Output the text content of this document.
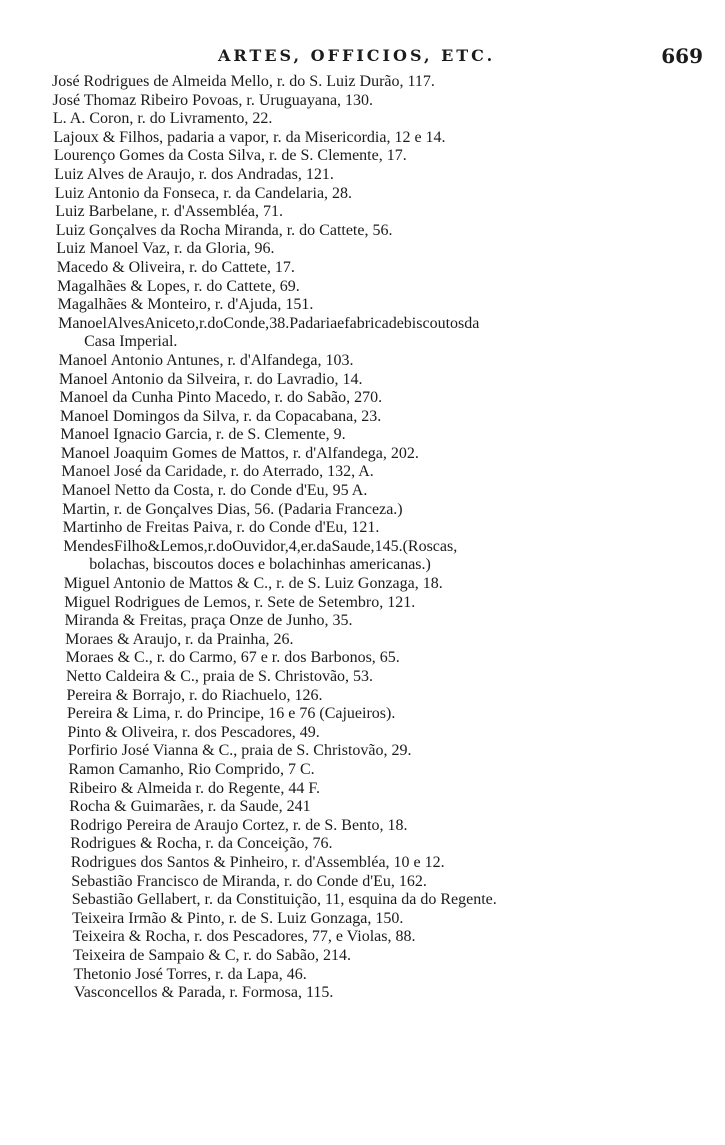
ARTES, OFFICIOS, ETC.	669
José Rodrigues de Almeida Mello, r. do S. Luiz Durão, 117.
José Thomaz Ribeiro Povoas, r. Uruguayana, 130.
L. A. Coron, r. do Livramento, 22.
Lajoux & Filhos, padaria a vapor, r. da Misericordia, 12 e 14.
Lourenço Gomes da Costa Silva, r. de S. Clemente, 17.
Luiz Alves de Araujo, r. dos Andradas, 121.
Luiz Antonio da Fonseca, r. da Candelaria, 28.
Luiz Barbelane, r. d'Assembléa, 71.
Luiz Gonçalves da Rocha Miranda, r. do Cattete, 56.
Luiz Manoel Vaz, r. da Gloria, 96.
Macedo & Oliveira, r. do Cattete, 17.
Magalhães & Lopes, r. do Cattete, 69.
Magalhães & Monteiro, r. d'Ajuda, 151.
ManoelAlvesAniceto,r.doConde,38.Padariaefabricadebiscoutosda
Casa Imperial.
Manoel Antonio Antunes, r. d'Alfandega, 103.
Manoel Antonio da Silveira, r. do Lavradio, 14.
Manoel da Cunha Pinto Macedo, r. do Sabão, 270.
Manoel Domingos da Silva, r. da Copacabana, 23.
Manoel Ignacio Garcia, r. de S. Clemente, 9.
Manoel Joaquim Gomes de Mattos, r. d'Alfandega, 202.
Manoel José da Caridade, r. do Aterrado, 132, A.
Manoel Netto da Costa, r. do Conde d'Eu, 95 A.
Martin, r. de Gonçalves Dias, 56. (Padaria Franceza.)
Martinho de Freitas Paiva, r. do Conde d'Eu, 121.
MendesFilho&Lemos,r.doOuvidor,4,er.daSaude,145.(Roscas,
bolachas, biscoutos doces e bolachinhas americanas.)
Miguel Antonio de Mattos & C., r. de S. Luiz Gonzaga, 18.
Miguel Rodrigues de Lemos, r. Sete de Setembro, 121.
Miranda & Freitas, praça Onze de Junho, 35.
Moraes & Araujo, r. da Prainha, 26.
Moraes & C., r. do Carmo, 67 e r. dos Barbonos, 65.
Netto Caldeira & C., praia de S. Christovão, 53.
Pereira & Borrajo, r. do Riachuelo, 126.
Pereira & Lima, r. do Principe, 16 e 76 (Cajueiros).
Pinto & Oliveira, r. dos Pescadores, 49.
Porfirio José Vianna & C., praia de S. Christovão, 29.
Ramon Camanho, Rio Comprido, 7 C.
Ribeiro & Almeida r. do Regente, 44 F.
Rocha & Guimarães, r. da Saude, 241
Rodrigo Pereira de Araujo Cortez, r. de S. Bento, 18.
Rodrigues & Rocha, r. da Conceição, 76.
Rodrigues dos Santos & Pinheiro, r. d'Assembléa, 10 e 12.
Sebastião Francisco de Miranda, r. do Conde d'Eu, 162.
Sebastião Gellabert, r. da Constituição, 11, esquina da do Regente.
Teixeira Irmão & Pinto, r. de S. Luiz Gonzaga, 150.
Teixeira & Rocha, r. dos Pescadores, 77, e Violas, 88.
Teixeira de Sampaio & C, r. do Sabão, 214.
Thetonio José Torres, r. da Lapa, 46.
Vasconcellos & Parada, r. Formosa, 115.
